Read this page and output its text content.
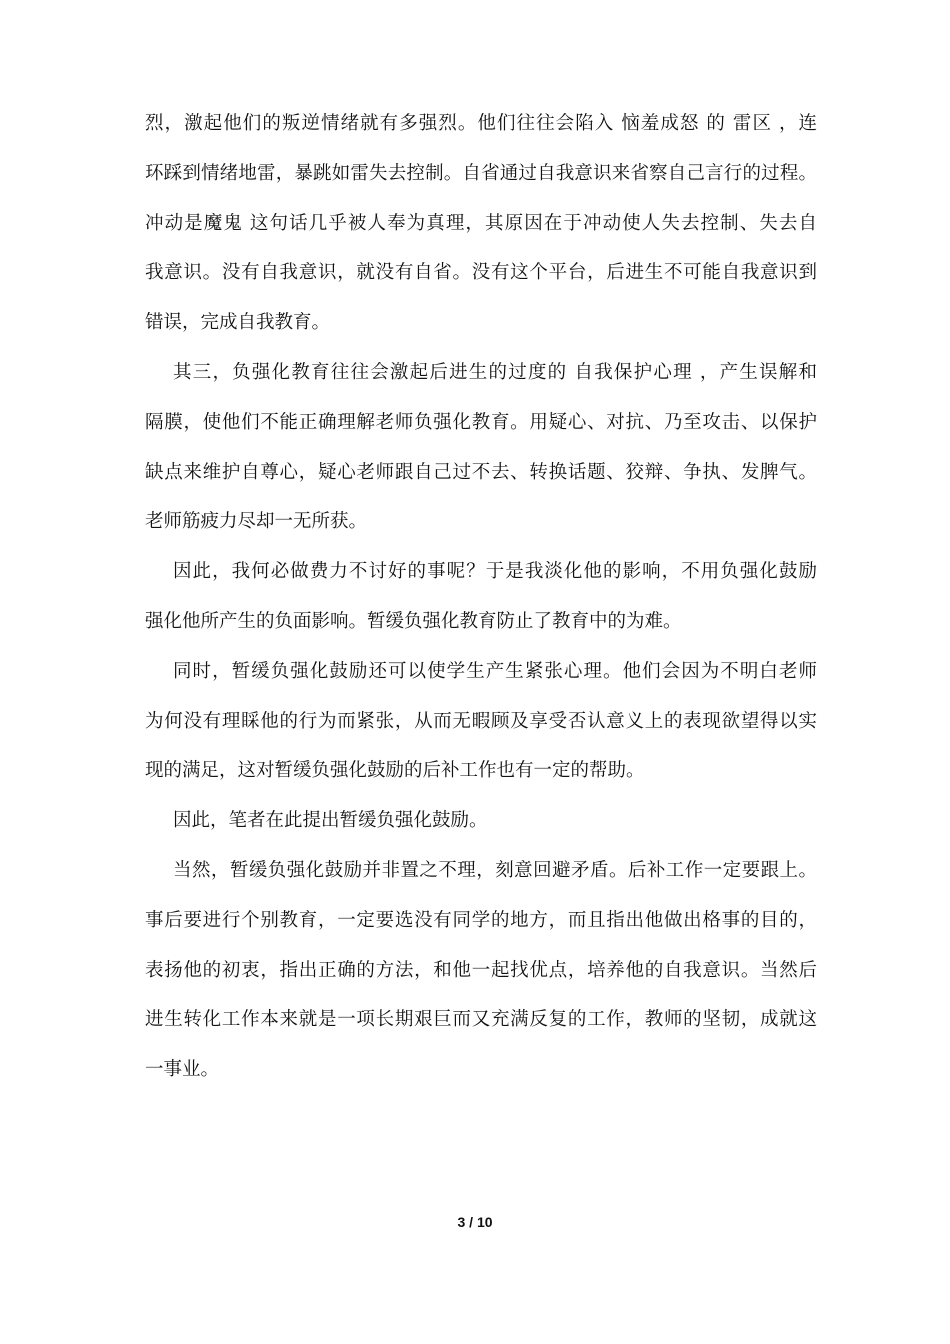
烈，激起他们的叛逆情绪就有多强烈。他们往往会陷入 恼羞成怒 的 雷区 ，连
环踩到情绪地雷，暴跳如雷失去控制。自省通过自我意识来省察自己言行的过程。
冲动是魔鬼 这句话几乎被人奉为真理，其原因在于冲动使人失去控制、失去自
我意识。没有自我意识，就没有自省。没有这个平台，后进生不可能自我意识到
错误，完成自我教育。
其三，负强化教育往往会激起后进生的过度的 自我保护心理 ，产生误解和
隔膜，使他们不能正确理解老师负强化教育。用疑心、对抗、乃至攻击、以保护
缺点来维护自尊心，疑心老师跟自己过不去、转换话题、狡辩、争执、发脾气。
老师筋疲力尽却一无所获。
因此，我何必做费力不讨好的事呢？于是我淡化他的影响，不用负强化鼓励
强化他所产生的负面影响。暂缓负强化教育防止了教育中的为难。
同时，暂缓负强化鼓励还可以使学生产生紧张心理。他们会因为不明白老师
为何没有理睬他的行为而紧张，从而无暇顾及享受否认意义上的表现欲望得以实
现的满足，这对暂缓负强化鼓励的后补工作也有一定的帮助。
因此，笔者在此提出暂缓负强化鼓励。
当然，暂缓负强化鼓励并非置之不理，刻意回避矛盾。后补工作一定要跟上。
事后要进行个别教育，一定要选没有同学的地方，而且指出他做出格事的目的，
表扬他的初衷，指出正确的方法，和他一起找优点，培养他的自我意识。当然后
进生转化工作本来就是一项长期艰巨而又充满反复的工作，教师的坚韧，成就这
一事业。
3 / 10
